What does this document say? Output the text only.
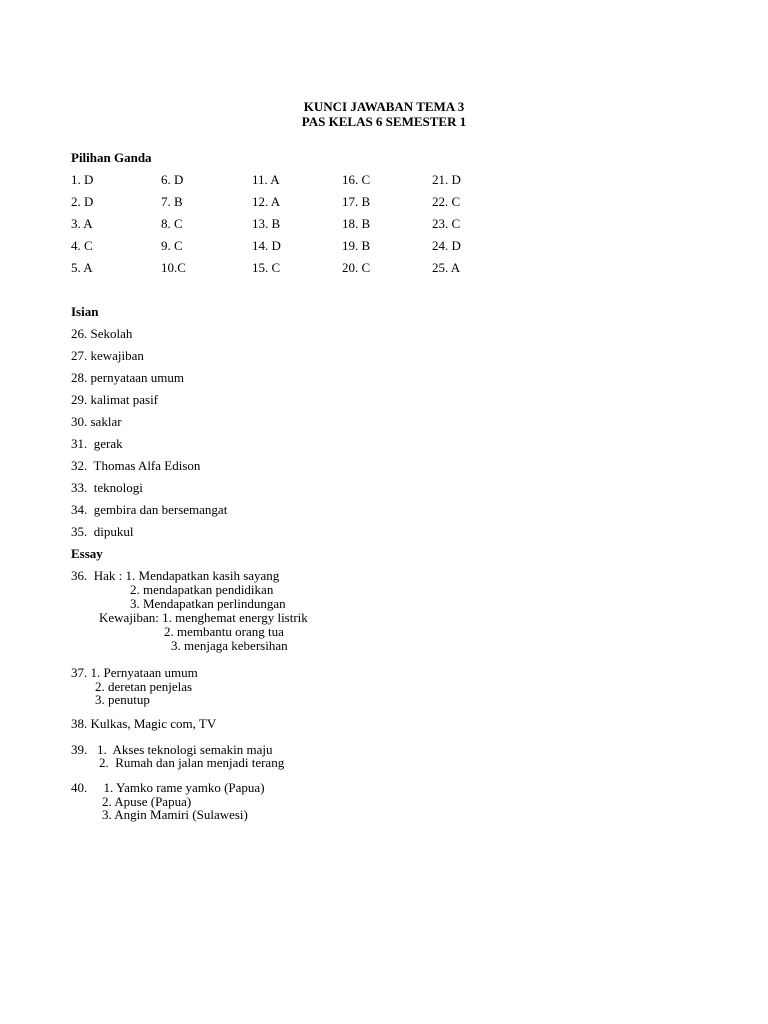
KUNCI JAWABAN TEMA 3
PAS KELAS 6 SEMESTER 1
Pilihan Ganda
1. D
2. D
3. A
4. C
5. A
6. D
7. B
8. C
9. C
10.C
11. A
12. A
13. B
14. D
15. C
16. C
17. B
18. B
19. B
20. C
21. D
22. C
23. C
24. D
25. A
Isian
26. Sekolah
27. kewajiban
28. pernyataan umum
29. kalimat pasif
30. saklar
31.  gerak
32.  Thomas Alfa Edison
33.  teknologi
34.  gembira dan bersemangat
35.  dipukul
Essay
36.  Hak : 1. Mendapatkan kasih sayang
2. mendapatkan pendidikan
3. Mendapatkan perlindungan
Kewajiban: 1. menghemat energy listrik
2. membantu orang tua
3. menjaga kebersihan
37. 1. Pernyataan umum
2. deretan penjelas
3. penutup
38. Kulkas, Magic com, TV
39.   1.  Akses teknologi semakin maju
2.  Rumah dan jalan menjadi terang
40.     1. Yamko rame yamko (Papua)
2. Apuse (Papua)
3. Angin Mamiri (Sulawesi)
